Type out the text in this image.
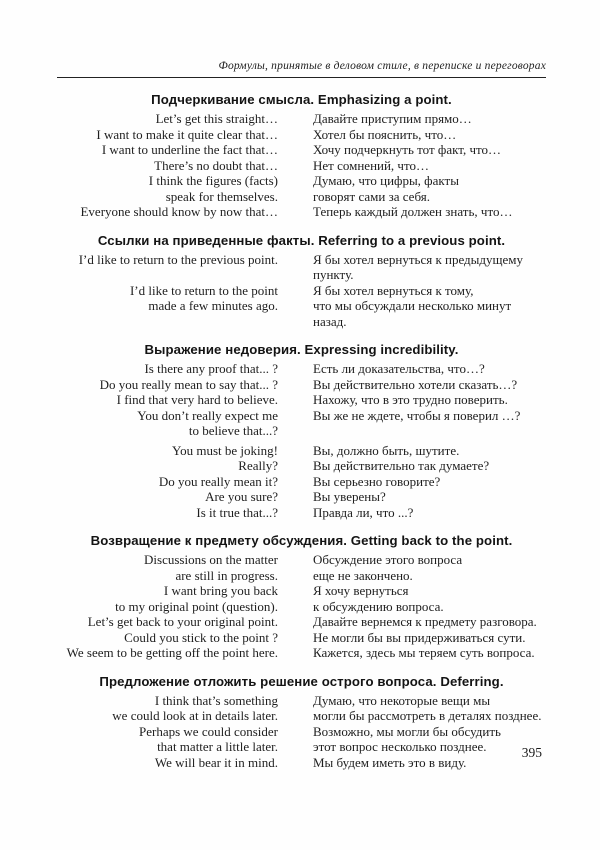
Формулы, принятые в деловом стиле, в переписке и переговорах
Подчеркивание смысла. Emphasizing a point.
Let’s get this straight…	Давайте приступим прямо…
I want to make it quite clear that…	Хотел бы пояснить, что…
I want to underline the fact that…	Хочу подчеркнуть тот факт, что…
There’s no doubt that…	Нет сомнений, что…
I think the figures (facts)	Думаю, что цифры, факты
speak for themselves.	говорят сами за себя.
Everyone should know by now that…	Теперь каждый должен знать, что…
Ссылки на приведенные факты. Referring to a previous point.
I’d like to return to the previous point.	Я бы хотел вернуться к предыдущему пункту.
I’d like to return to the point	Я бы хотел вернуться к тому,
made a few minutes ago.	что мы обсуждали несколько минут назад.
Выражение недоверия. Expressing incredibility.
Is there any proof that... ?	Есть ли доказательства, что…?
Do you really mean to say that... ?	Вы действительно хотели сказать…?
I find that very hard to believe.	Нахожу, что в это трудно поверить.
You don’t really expect me	Вы же не ждете, чтобы я поверил …?
to believe that...?
You must be joking!	Вы, должно быть, шутите.
Really?	Вы действительно так думаете?
Do you really mean it?	Вы серьезно говорите?
Are you sure?	Вы уверены?
Is it true that...?	Правда ли, что ...?
Возвращение к предмету обсуждения. Getting back to the point.
Discussions on the matter	Обсуждение этого вопроса
are still in progress.	еще не закончено.
I want bring you back	Я хочу вернуться
to my original point (question).	к обсуждению вопроса.
Let’s get back to your original point.	Давайте вернемся к предмету разговора.
Could you stick to the point ?	Не могли бы вы придерживаться сути.
We seem to be getting off the point here.	Кажется, здесь мы теряем суть вопроса.
Предложение отложить решение острого вопроса. Deferring.
I think that’s something	Думаю, что некоторые вещи мы
we could look at in details later.	могли бы рассмотреть в деталях позднее.
Perhaps we could consider	Возможно, мы могли бы обсудить
that matter a little later.	этот вопрос несколько позднее.
We will bear it in mind.	Мы будем иметь это в виду.
395
